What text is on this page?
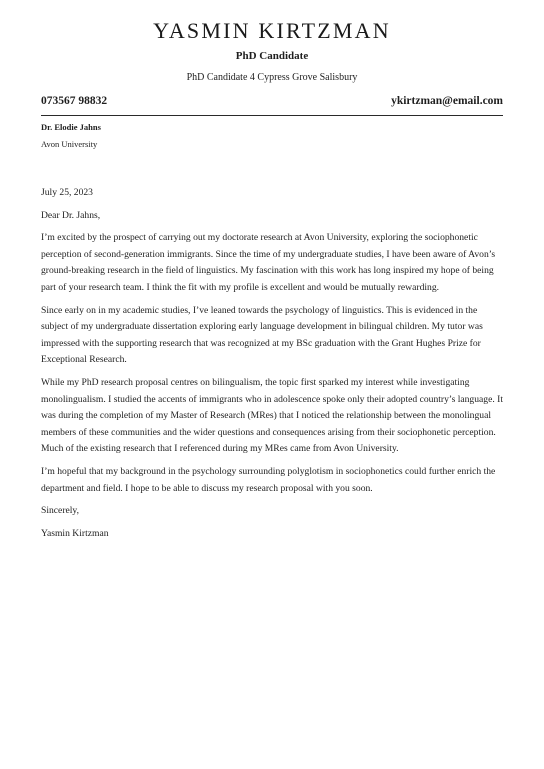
YASMIN KIRTZMAN
PhD Candidate
PhD Candidate 4 Cypress Grove Salisbury
073567 98832	ykirtzman@email.com
Dr. Elodie Jahns
Avon University

July 25, 2023

Dear Dr. Jahns,

I’m excited by the prospect of carrying out my doctorate research at Avon University, exploring the sociophonetic perception of second-generation immigrants. Since the time of my undergraduate studies, I have been aware of Avon’s ground-breaking research in the field of linguistics. My fascination with this work has long inspired my hope of being part of your research team. I think the fit with my profile is excellent and would be mutually rewarding.

Since early on in my academic studies, I’ve leaned towards the psychology of linguistics. This is evidenced in the subject of my undergraduate dissertation exploring early language development in bilingual children. My tutor was impressed with the supporting research that was recognized at my BSc graduation with the Grant Hughes Prize for Exceptional Research.

While my PhD research proposal centres on bilingualism, the topic first sparked my interest while investigating monolingualism. I studied the accents of immigrants who in adolescence spoke only their adopted country’s language. It was during the completion of my Master of Research (MRes) that I noticed the relationship between the monolingual members of these communities and the wider questions and consequences arising from their sociophonetic perception. Much of the existing research that I referenced during my MRes came from Avon University.

I’m hopeful that my background in the psychology surrounding polyglotism in sociophonetics could further enrich the department and field. I hope to be able to discuss my research proposal with you soon.

Sincerely,

Yasmin Kirtzman
